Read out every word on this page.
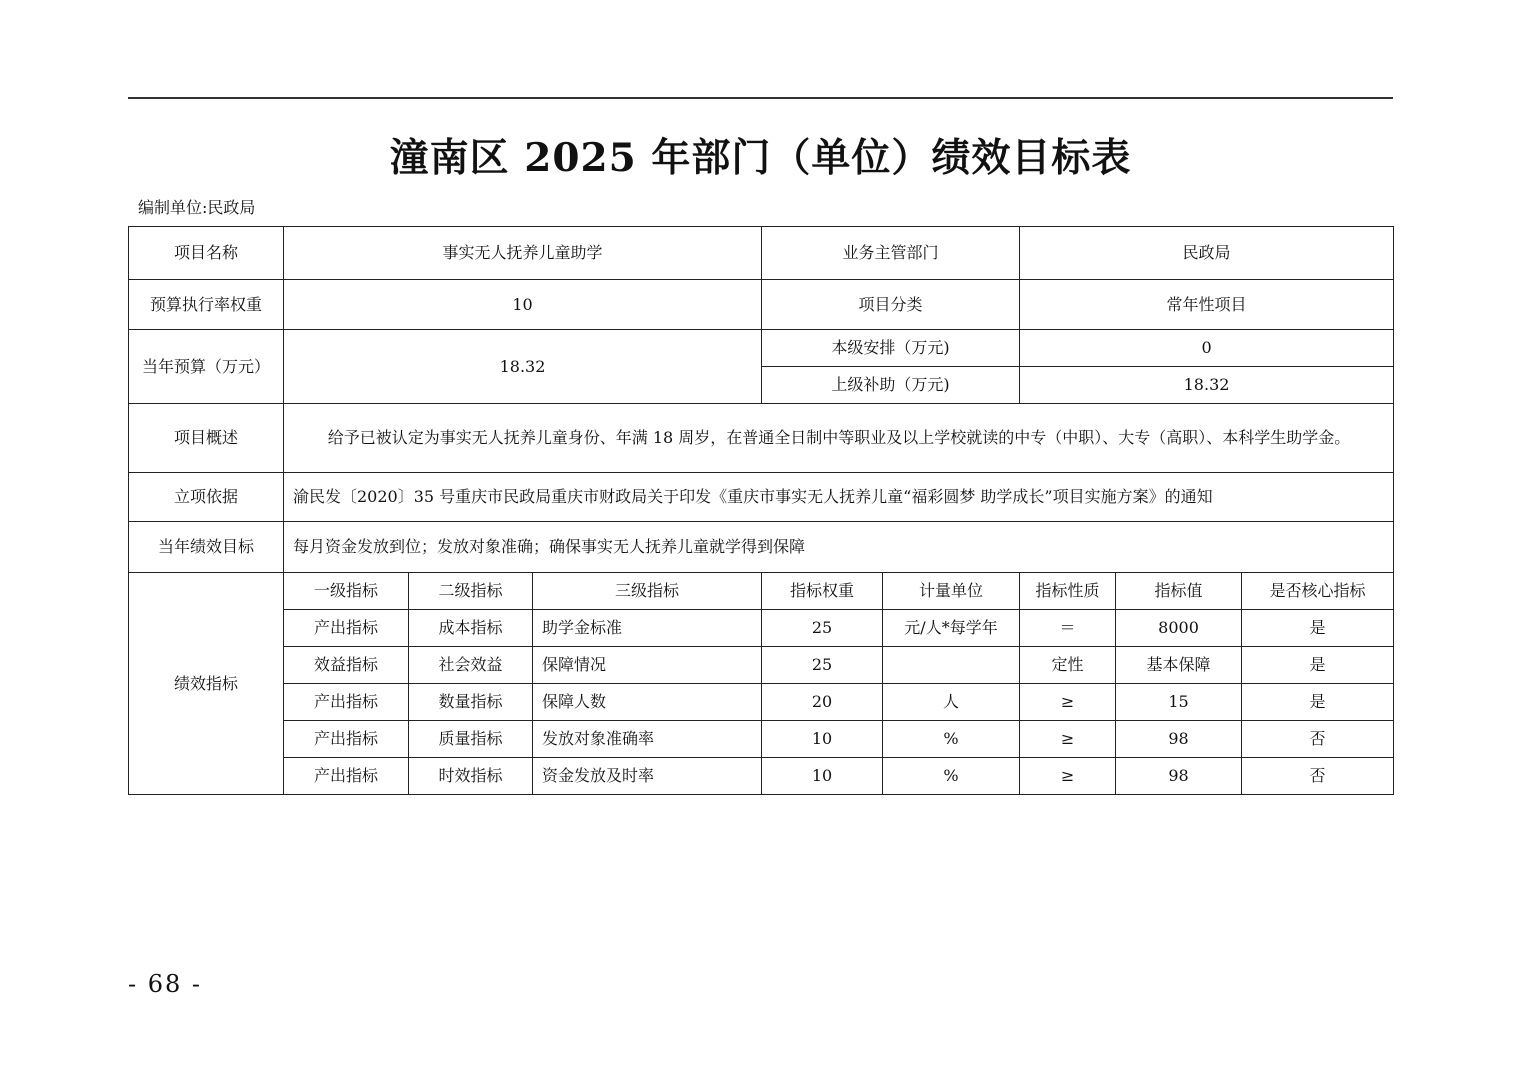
潼南区 2025 年部门（单位）绩效目标表
编制单位:民政局
项目名称	事实无人抚养儿童助学			业务主管部门		民政局		
预算执行率权重	10			项目分类		常年性项目		
当年预算（万元）	18.32			本级安排（万元)		0		
				上级补助（万元)		18.32		
项目概述	给予已被认定为事实无人抚养儿童身份、年满 18 周岁，在普通全日制中等职业及以上学校就读的中专（中职）、大专（高职）、本科学生助学金。							
立项依据	渝民发〔2020〕35 号重庆市民政局重庆市财政局关于印发《重庆市事实无人抚养儿童“福彩圆梦 助学成长”项目实施方案》的通知							
当年绩效目标	每月资金发放到位；发放对象准确；确保事实无人抚养儿童就学得到保障							
绩效指标	一级指标	二级指标	三级指标	指标权重	计量单位	指标性质	指标值	是否核心指标
	产出指标	成本指标	助学金标准	25	元/人*每学年	＝	8000	是
	效益指标	社会效益	保障情况	25		定性	基本保障	是
	产出指标	数量指标	保障人数	20	人	≥	15	是
	产出指标	质量指标	发放对象准确率	10	%	≥	98	否
	产出指标	时效指标	资金发放及时率	10	%	≥	98	否
- 68 -
